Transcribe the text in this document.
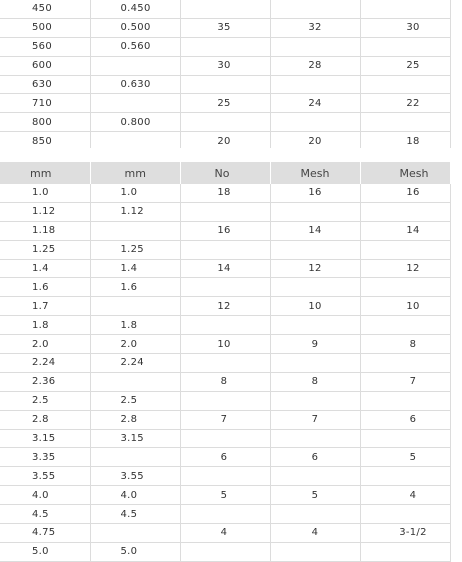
450	0.450			
500	0.500	35	32	30
560	0.560			
600		30	28	25
630	0.630			
710		25	24	22
800	0.800			
850		20	20	18

mm	mm	No	Mesh	Mesh
1.0	1.0	18	16	16
1.12	1.12			
1.18		16	14	14
1.25	1.25			
1.4	1.4	14	12	12
1.6	1.6			
1.7		12	10	10
1.8	1.8			
2.0	2.0	10	9	8
2.24	2.24			
2.36		8	8	7
2.5	2.5			
2.8	2.8	7	7	6
3.15	3.15			
3.35		6	6	5
3.55	3.55			
4.0	4.0	5	5	4
4.5	4.5			
4.75		4	4	3-1/2
5.0	5.0			
